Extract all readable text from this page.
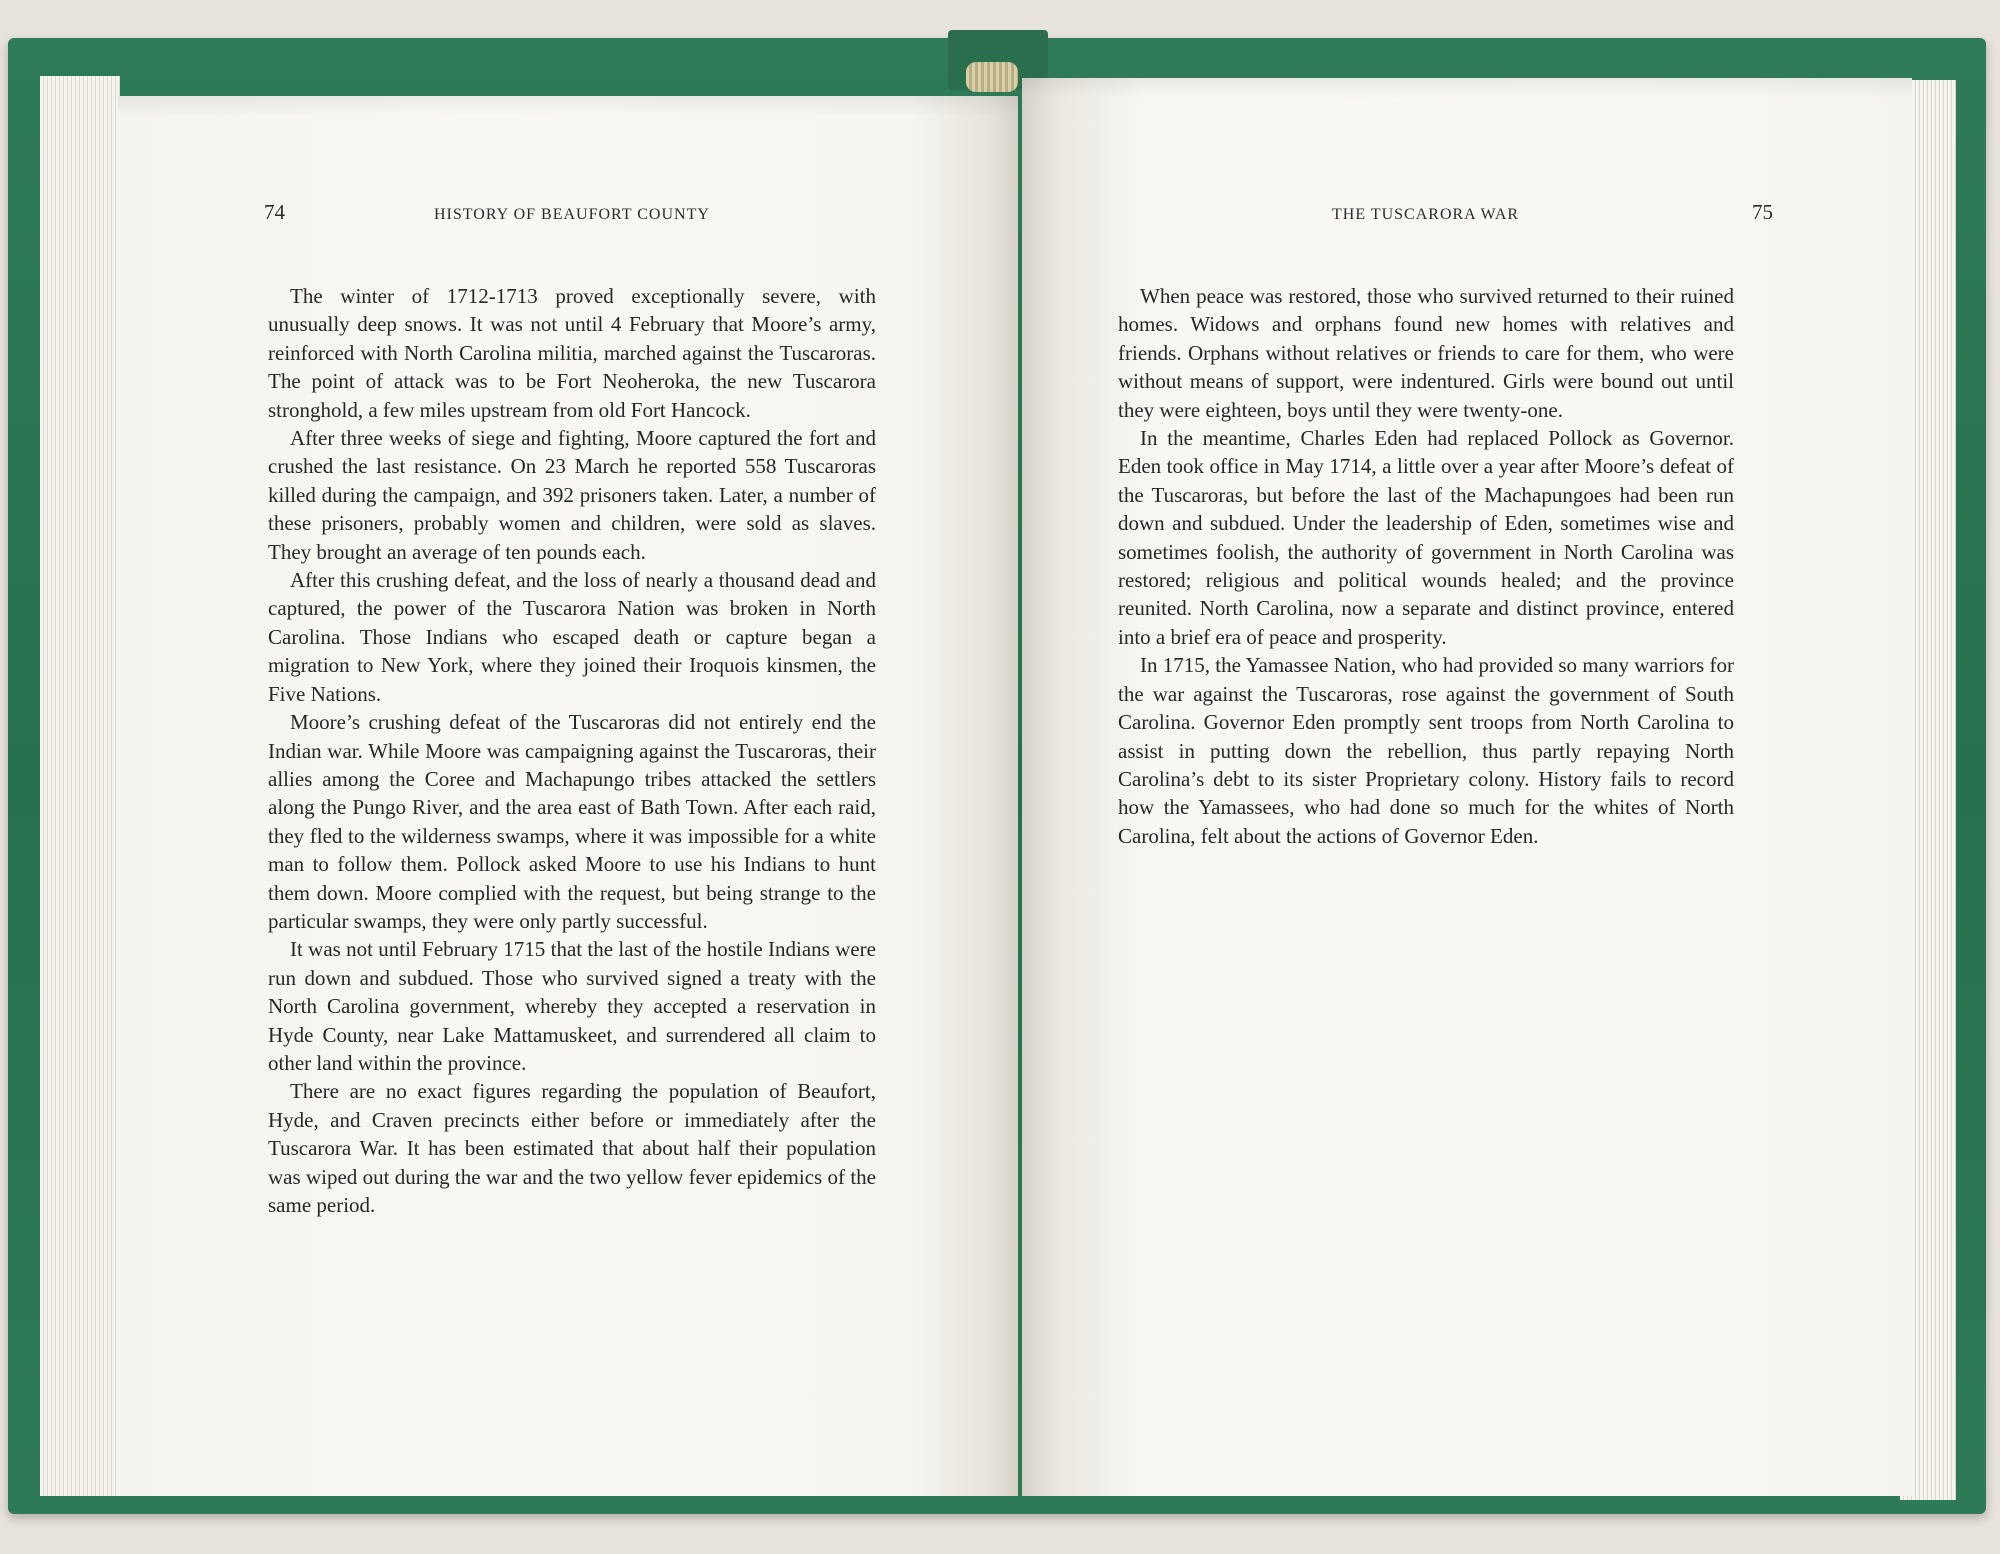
74	HISTORY OF BEAUFORT COUNTY

The winter of 1712-1713 proved exceptionally severe, with unusually deep snows. It was not until 4 February that Moore’s army, reinforced with North Carolina militia, marched against the Tuscaroras. The point of attack was to be Fort Neoheroka, the new Tuscarora stronghold, a few miles upstream from old Fort Hancock.

After three weeks of siege and fighting, Moore captured the fort and crushed the last resistance. On 23 March he reported 558 Tuscaroras killed during the campaign, and 392 prisoners taken. Later, a number of these prisoners, probably women and children, were sold as slaves. They brought an average of ten pounds each.

After this crushing defeat, and the loss of nearly a thousand dead and captured, the power of the Tuscarora Nation was broken in North Carolina. Those Indians who escaped death or capture began a migration to New York, where they joined their Iroquois kinsmen, the Five Nations.

Moore’s crushing defeat of the Tuscaroras did not entirely end the Indian war. While Moore was campaigning against the Tuscaroras, their allies among the Coree and Machapungo tribes attacked the settlers along the Pungo River, and the area east of Bath Town. After each raid, they fled to the wilderness swamps, where it was impossible for a white man to follow them. Pollock asked Moore to use his Indians to hunt them down. Moore complied with the request, but being strange to the particular swamps, they were only partly successful.

It was not until February 1715 that the last of the hostile Indians were run down and subdued. Those who survived signed a treaty with the North Carolina government, whereby they accepted a reservation in Hyde County, near Lake Mattamuskeet, and surrendered all claim to other land within the province.

There are no exact figures regarding the population of Beaufort, Hyde, and Craven precincts either before or immediately after the Tuscarora War. It has been estimated that about half their population was wiped out during the war and the two yellow fever epidemics of the same period.

THE TUSCARORA WAR	75

When peace was restored, those who survived returned to their ruined homes. Widows and orphans found new homes with relatives and friends. Orphans without relatives or friends to care for them, who were without means of support, were indentured. Girls were bound out until they were eighteen, boys until they were twenty-one.

In the meantime, Charles Eden had replaced Pollock as Governor. Eden took office in May 1714, a little over a year after Moore’s defeat of the Tuscaroras, but before the last of the Machapungoes had been run down and subdued. Under the leadership of Eden, sometimes wise and sometimes foolish, the authority of government in North Carolina was restored; religious and political wounds healed; and the province reunited. North Carolina, now a separate and distinct province, entered into a brief era of peace and prosperity.

In 1715, the Yamassee Nation, who had provided so many warriors for the war against the Tuscaroras, rose against the government of South Carolina. Governor Eden promptly sent troops from North Carolina to assist in putting down the rebellion, thus partly repaying North Carolina’s debt to its sister Proprietary colony. History fails to record how the Yamassees, who had done so much for the whites of North Carolina, felt about the actions of Governor Eden.
